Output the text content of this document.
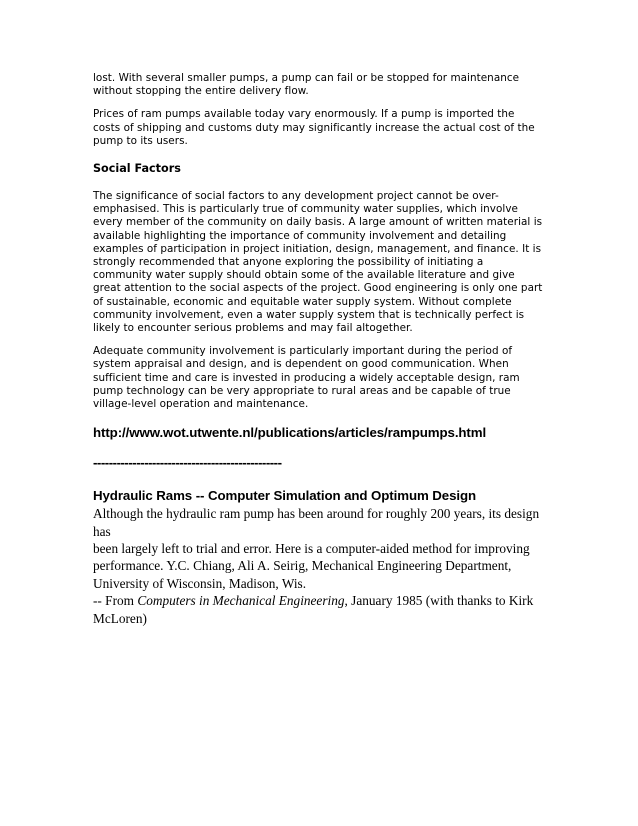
lost. With several smaller pumps, a pump can fail or be stopped for maintenance
without stopping the entire delivery flow.

Prices of ram pumps available today vary enormously. If a pump is imported the
costs of shipping and customs duty may significantly increase the actual cost of the
pump to its users.

Social Factors

The significance of social factors to any development project cannot be over-
emphasised. This is particularly true of community water supplies, which involve
every member of the community on daily basis. A large amount of written material is
available highlighting the importance of community involvement and detailing
examples of participation in project initiation, design, management, and finance. It is
strongly recommended that anyone exploring the possibility of initiating a
community water supply should obtain some of the available literature and give
great attention to the social aspects of the project. Good engineering is only one part
of sustainable, economic and equitable water supply system. Without complete
community involvement, even a water supply system that is technically perfect is
likely to encounter serious problems and may fail altogether.

Adequate community involvement is particularly important during the period of
system appraisal and design, and is dependent on good communication. When
sufficient time and care is invested in producing a widely acceptable design, ram
pump technology can be very appropriate to rural areas and be capable of true
village-level operation and maintenance.

http://www.wot.utwente.nl/publications/articles/rampumps.html
------------------------------------------------
Hydraulic Rams -- Computer Simulation and Optimum Design

Although the hydraulic ram pump has been around for roughly 200 years, its design has
been largely left to trial and error. Here is a computer-aided method for improving
performance. Y.C. Chiang, Ali A. Seirig, Mechanical Engineering Department,
University of Wisconsin, Madison, Wis.

-- From Computers in Mechanical Engineering, January 1985 (with thanks to Kirk
McLoren)
